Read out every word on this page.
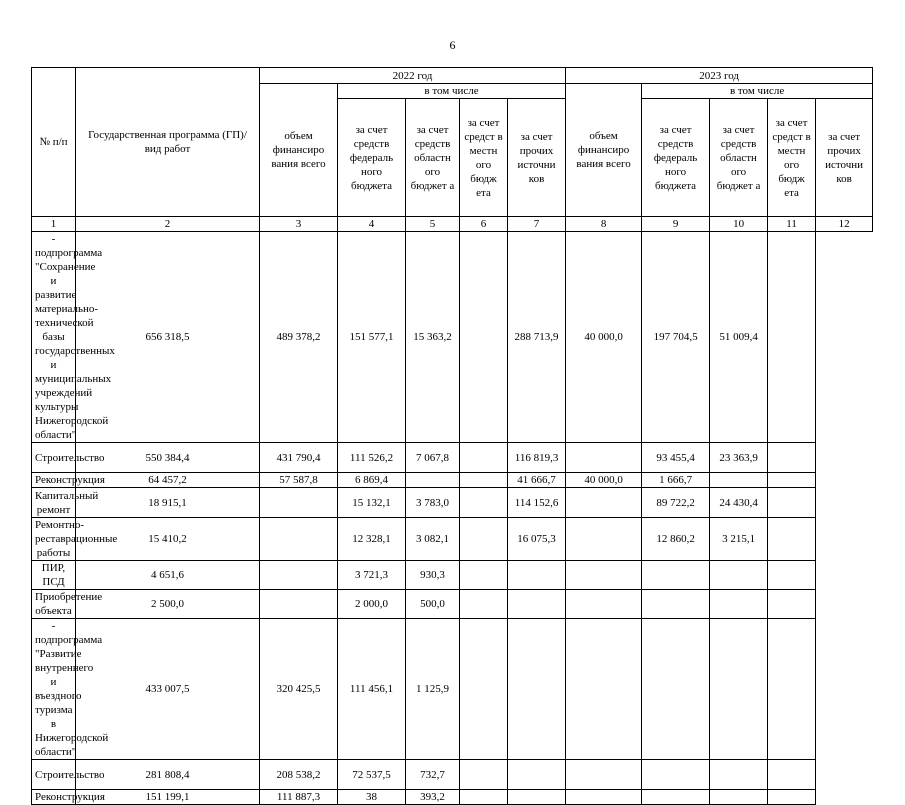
6
№ п/п	Государственная программа (ГП)/ вид работ	2022 год					2023 год				
		объем финансиро вания всего	в том числе				объем финансиро вания всего	в том числе			
			за счет средств федераль ного бюджета	за счет средств областн ого бюджет а	за счет средст в местн ого бюдж ета	за счет прочих источни ков		за счет средств федераль ного бюджета	за счет средств областн ого бюджет а	за счет средст в местн ого бюдж ета	за счет прочих источни ков
1	2	3	4	5	6	7	8	9	10	11	12
- подпрограмма "Сохранение и развитие материально-технической базы государственных и муниципальных учреждений культуры Нижегородской области"	656 318,5	489 378,2	151 577,1	15 363,2		288 713,9	40 000,0	197 704,5	51 009,4		
Строительство	550 384,4	431 790,4	111 526,2	7 067,8		116 819,3		93 455,4	23 363,9		
Реконструкция	64 457,2	57 587,8	6 869,4			41 666,7	40 000,0	1 666,7			
Капитальный ремонт	18 915,1		15 132,1	3 783,0		114 152,6		89 722,2	24 430,4		
Ремонтно-реставрационные работы	15 410,2		12 328,1	3 082,1		16 075,3		12 860,2	3 215,1		
ПИР, ПСД	4 651,6		3 721,3	930,3							
Приобретение объекта	2 500,0		2 000,0	500,0							
- подпрограмма "Развитие внутреннего и въездного туризма в Нижегородской области"	433 007,5	320 425,5	111 456,1	1 125,9							
Строительство	281 808,4	208 538,2	72 537,5	732,7							
Реконструкция	151 199,1	111 887,3	38	393,2							
